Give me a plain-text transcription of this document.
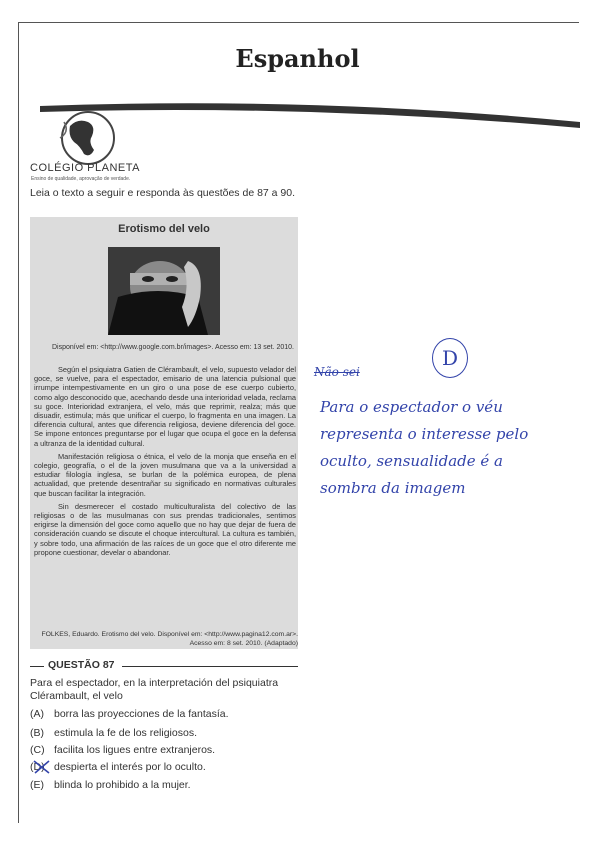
Espanhol
COLÉGIO PLANETA
Ensino de qualidade, aprovação de verdade.
Leia o texto a seguir e responda às questões de 87 a 90.
Erotismo del velo
Disponível em: <http://www.google.com.br/images>. Acesso em: 13 set. 2010.

Según el psiquiatra Gatien de Clérambault, el velo, supuesto velador del goce, se vuelve, para el espectador, emisario de una latencia pulsional que irrumpe intempestivamente en un giro o una pose de ese cuerpo cubierto, como algo desconocido que, acechando desde una interioridad velada, reclama su goce. Interioridad extranjera, el velo, más que reprimir, realza; más que disuadir, estimula; más que unificar el cuerpo, lo fragmenta en una imagen. La diferencia cultural, antes que diferencia religiosa, deviene diferencia del goce. Se impone entonces preguntarse por el lugar que ocupa el goce en la defensa a ultranza de la identidad cultural.

Manifestación religiosa o étnica, el velo de la monja que enseña en el colegio, geografía, o el de la joven musulmana que va a la universidad a estudiar filología inglesa, se burlan de la polémica europea, de plena actualidad, que pretende desentrañar su significado en normativas culturales que buscan facilitar la integración.

Sin desmerecer el costado multiculturalista del colectivo de las religiosas o de las musulmanas con sus prendas tradicionales, sentimos erigirse la dimensión del goce como aquello que no hay que dejar de fuera de consideración cuando se discute el choque intercultural. La cultura es también, y sobre todo, una afirmación de las raíces de un goce que el otro diferente me propone cuestionar, develar o abandonar.

FOLKES, Eduardo. Erotismo del velo. Disponível em: <http://www.pagina12.com.ar>. Acesso em: 8 set. 2010. (Adaptado)
QUESTÃO 87
Para el espectador, en la interpretación del psiquiatra Clérambault, el velo
(A) borra las proyecciones de la fantasía.
(B) estimula la fe de los religiosos.
(C) facilita los ligues entre extranjeros.
(D) despierta el interés por lo oculto.
(E) blinda lo prohibido a la mujer.
Não sei
D
Para o espectador o véu
representa o interesse pelo
oculto, sensualidade é a
sombra da imagem
